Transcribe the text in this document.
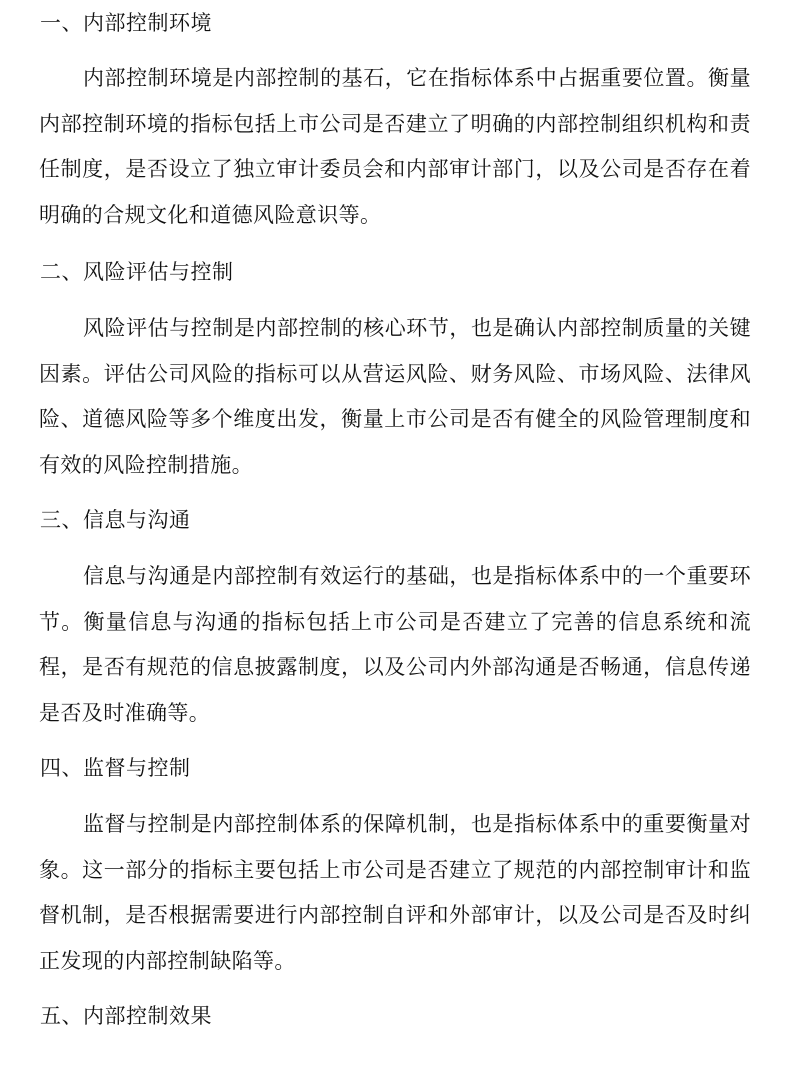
一、内部控制环境
内部控制环境是内部控制的基石，它在指标体系中占据重要位置。衡量内部控制环境的指标包括上市公司是否建立了明确的内部控制组织机构和责任制度，是否设立了独立审计委员会和内部审计部门，以及公司是否存在着明确的合规文化和道德风险意识等。
二、风险评估与控制
风险评估与控制是内部控制的核心环节，也是确认内部控制质量的关键因素。评估公司风险的指标可以从营运风险、财务风险、市场风险、法律风险、道德风险等多个维度出发，衡量上市公司是否有健全的风险管理制度和有效的风险控制措施。
三、信息与沟通
信息与沟通是内部控制有效运行的基础，也是指标体系中的一个重要环节。衡量信息与沟通的指标包括上市公司是否建立了完善的信息系统和流程，是否有规范的信息披露制度，以及公司内外部沟通是否畅通，信息传递是否及时准确等。
四、监督与控制
监督与控制是内部控制体系的保障机制，也是指标体系中的重要衡量对象。这一部分的指标主要包括上市公司是否建立了规范的内部控制审计和监督机制，是否根据需要进行内部控制自评和外部审计，以及公司是否及时纠正发现的内部控制缺陷等。
五、内部控制效果
